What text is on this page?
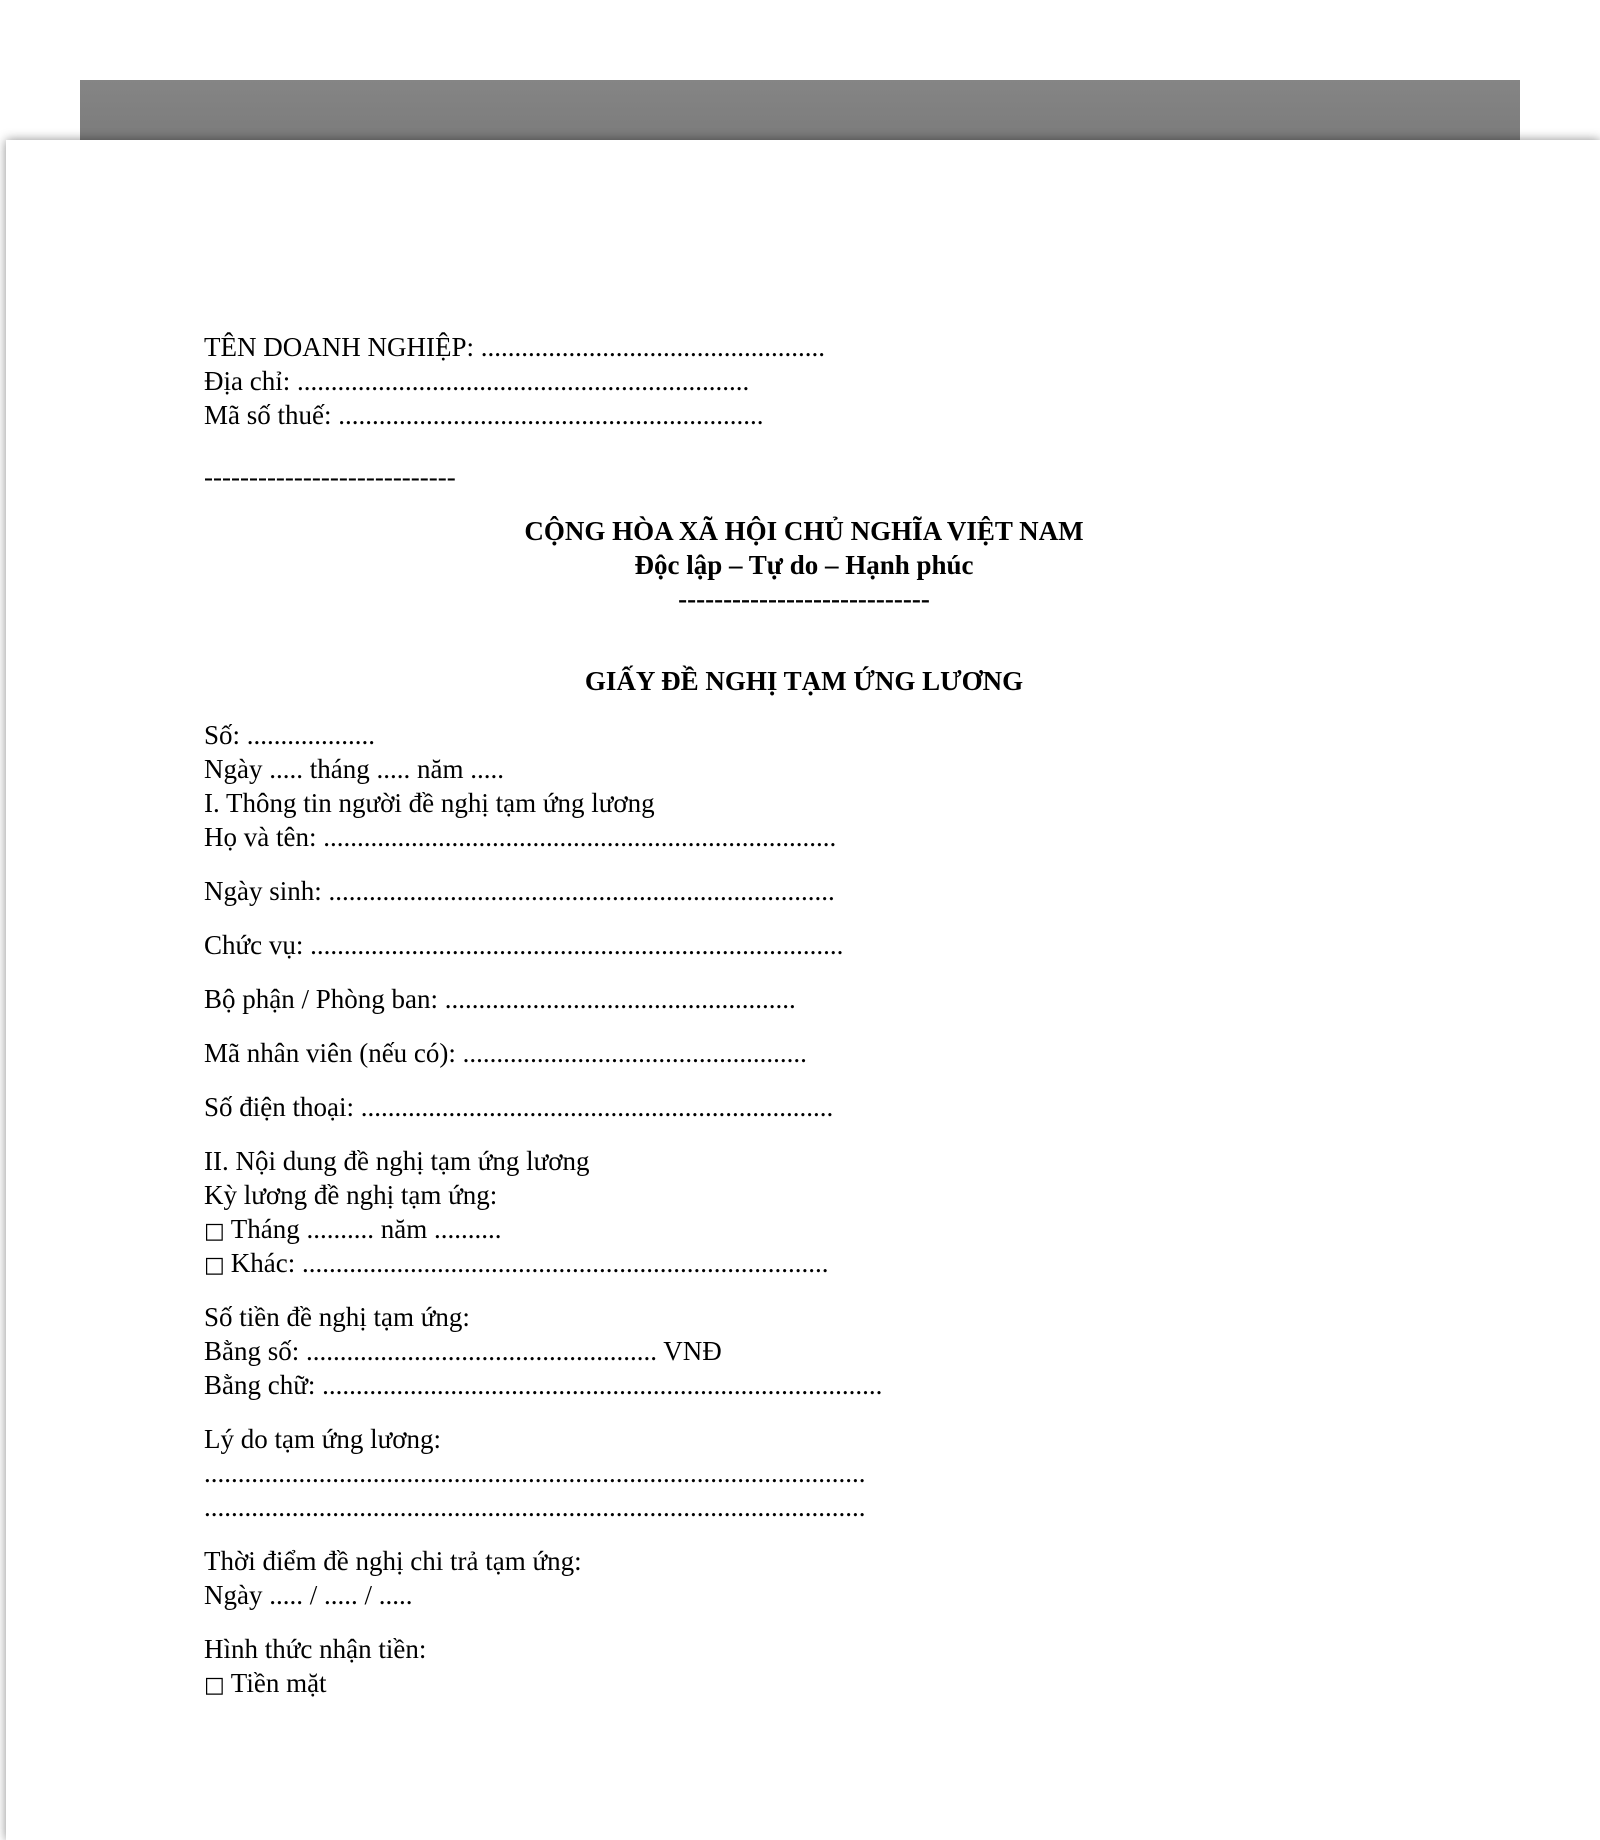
TÊN DOANH NGHIỆP: ...................................................
Địa chỉ: ...................................................................
Mã số thuế: ...............................................................
----------------------------
CỘNG HÒA XÃ HỘI CHỦ NGHĨA VIỆT NAM
Độc lập – Tự do – Hạnh phúc
----------------------------
GIẤY ĐỀ NGHỊ TẠM ỨNG LƯƠNG
Số: ...................
Ngày ..... tháng ..... năm .....
I. Thông tin người đề nghị tạm ứng lương
Họ và tên: ............................................................................
Ngày sinh: ...........................................................................
Chức vụ: ...............................................................................
Bộ phận / Phòng ban: ....................................................
Mã nhân viên (nếu có): ...................................................
Số điện thoại: ......................................................................
II. Nội dung đề nghị tạm ứng lương
Kỳ lương đề nghị tạm ứng:
□ Tháng .......... năm ..........
□ Khác: ..............................................................................
Số tiền đề nghị tạm ứng:
Bằng số: .................................................... VNĐ
Bằng chữ: ...................................................................................
Lý do tạm ứng lương:
..................................................................................................
..................................................................................................
Thời điểm đề nghị chi trả tạm ứng:
Ngày ..... / ..... / .....
Hình thức nhận tiền:
□ Tiền mặt
